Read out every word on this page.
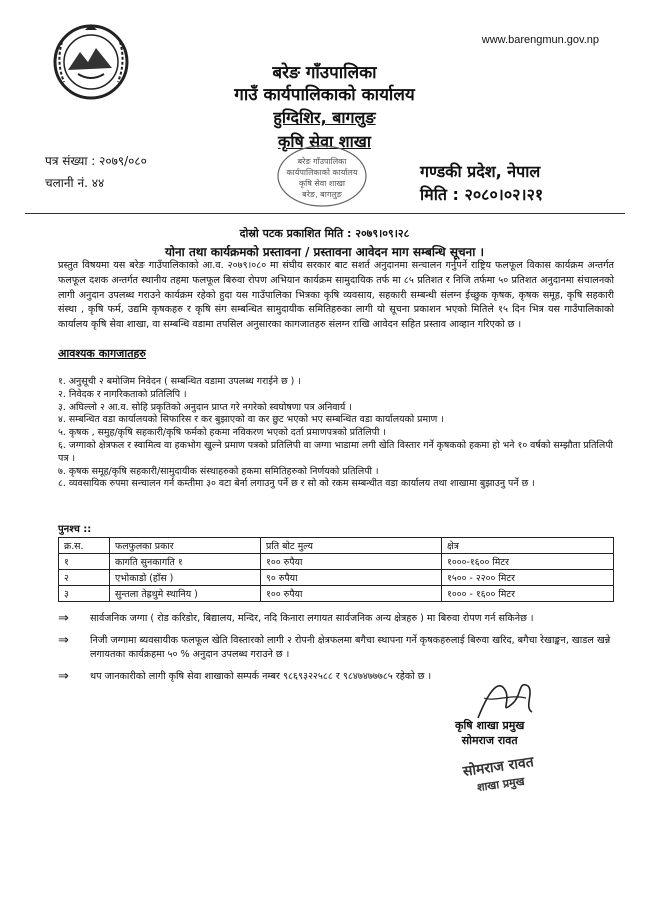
www.barengmun.gov.np
बरेङ गाँउपालिका
गाउँ कार्यपालिकाको कार्यालय
हुग्दिशिर, बागलुङ
कृषि सेवा शाखा
पत्र संख्या : २०७९/०८०
चलानी नं. ४४
बरेङ गाँउपालिका
कार्यपालिकाको कार्यालय
कृषि सेवा शाखा
बरेङ, बागलुङ
गण्डकी प्रदेश, नेपाल
मिति : २०८०।०२।२१
दोस्रो पटक प्रकाशित मिति : २०७९।०९।२८
योना तथा कार्यक्रमको प्रस्तावना / प्रस्तावना आवेदन माग सम्बन्धि सूचना ।
प्रस्तुत विषयमा यस बरेङ गाउँपालिकाको आ.व. २०७९।०८० मा संघीय सरकार बाट सशर्त अनुदानमा सन्चालन गर्नुपर्ने राष्ट्रिय फलफूल विकास कार्यक्रम अन्तर्गत फलफूल दशक अन्तर्गत स्थानीय तहमा फलफूल बिरुवा रोपण अभियान कार्यक्रम सामुदायिक तर्फ मा ८५ प्रतिशत र निजि तर्फमा ५० प्रतिशत अनुदानमा संचालनको लागी अनुदान उपलब्ध गराउने कार्यक्रम रहेको हुदा यस गाउँपालिका भित्रका कृषि व्यवसाय, सहकारी सम्बन्धी संलग्न ईच्छुक कृषक, कृषक समूह, कृषि सहकारी संस्था , कृषि फर्म, उद्यमि कृषकहरु र कृषि संग सम्बन्धित सामुदायीक समितिहरुका लागी यो सूचना प्रकाशन भएको मितिले १५ दिन भित्र यस गाउँपालिकाको कार्यालय कृषि सेवा शाखा, वा सम्बन्धि वडामा तपसिल अनुसारका कागजातहरु संलग्न राखि आवेदन सहित प्रस्ताव आव्हान गरिएको छ ।
आवश्यक कागजातहरु
१. अनुसूची २ बमोजिम निवेदन ( सम्बन्धित वडामा उपलब्ध गराईने छ ) ।
२. निवेदक र नागरिकताको प्रतिलिपि ।
३. अघिल्लो २ आ.व. सोहि प्रकृतिको अनुदान प्राप्त गरे नगरेको स्वघोषणा पत्र अनिवार्य ।
४. सम्बन्धित वडा कार्यालयको सिफारिस र कर बुझाएको वा कर छुट भएको भए सम्बन्धित वडा कार्यालयको प्रमाण ।
५. कृषक , समुह/कृषि सहकारी/कृषि फर्मको हकमा नविकरण भएको दर्ता प्रमाणपत्रको प्रतिलिपी ।
६. जग्गाको क्षेत्रफल र स्वामित्व वा हकभोग खुल्ने प्रमाण पत्रको प्रतिलिपी वा जग्गा भाडामा लगी खेति विस्तार गर्ने कृषकको हकमा हो भने १० वर्षको सम्झौता प्रतिलिपी पत्र ।
७. कृषक समूह/कृषि सहकारी/सामुदायीक संस्थाहरुको हकमा समितिहरुको निर्णयको प्रतिलिपी ।
८. व्यवसायिक रुपमा सन्चालन गर्न कम्तीमा ३० वटा बेर्ना लगाउनु पर्ने छ र सो को रकम सम्बन्धीत वडा कार्यालय तथा शाखामा बुझाउनु पर्ने छ ।
पुनश्च ::
क्र.स.	फलफुलका प्रकार	प्रति बोट मुल्य	क्षेत्र
१	कागति सुनकागति १	१०० रुपैया	१०००-१६०० मिटर
२	एभोकाडो (हाँस )	९० रुपैया	१५०० - २२०० मिटर
३	सुन्तला तेह्रथुमे स्थानिय )	१०० रुपैया	१००० - १६०० मिटर
⇒ सार्वजनिक जग्गा ( रोड करिडोर, बिद्यालय, मन्दिर, नदि किनारा लगायत सार्वजनिक अन्य क्षेत्रहरु ) मा बिरुवा रोपण गर्न सकिनेछ ।
⇒ निजी जग्गामा ब्यवसायीक फलफूल खेति विस्तारको लागी २ रोपनी क्षेत्रफलमा बगैचा स्थापना गर्ने कृषकहरुलाई बिरुवा खरिद, बगैचा रेखाङ्कन, खाडल खन्ने लगायतका कार्यक्रहमा ५० % अनुदान उपलब्ध गराउने छ ।
⇒ थप जानकारीको लागी कृषि सेवा शाखाको सम्पर्क नम्बर ९८६९३२२५८८ र ९८४७४७७७८५ रहेको छ ।
कृषि शाखा प्रमुख
सोमराज रावत
सोमराज रावत
शाखा प्रमुख
